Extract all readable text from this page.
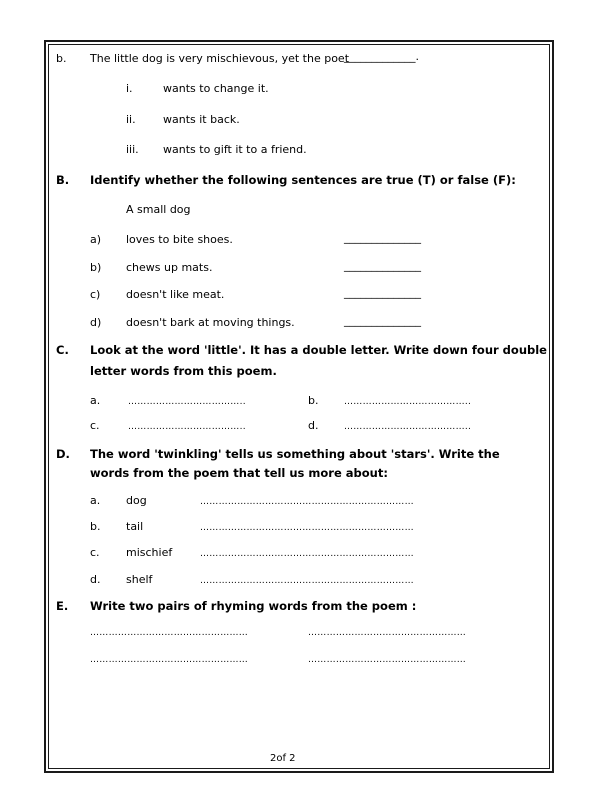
b. The little dog is very mischievous, yet the poet
_____________.
i.	wants to change it.
ii. wants it back.
iii. wants to gift it to a friend.
B. Identify whether the following sentences are true (T) or false (F):
A small dog
a) loves to bite shoes.	______________
b) chews up mats.	______________
c) doesn't like meat.	______________
d) doesn't bark at moving things.	______________
C. Look at the word 'little'. It has a double letter. Write down four double
letter words from this poem.
a.	………………………………..	b.	…………………………………..
c.	………………………………..	d.	…………………………………..
D. The word 'twinkling' tells us something about 'stars'. Write the
words from the poem that tell us more about:
a. dog	……………………………………………………………
b. tail	……………………………………………………………
c. mischief	……………………………………………………………
d. shelf	……………………………………………………………
E. Write two pairs of rhyming words from the poem :
……………………………………………	……………………………………………
……………………………………………	……………………………………………
2of 2
